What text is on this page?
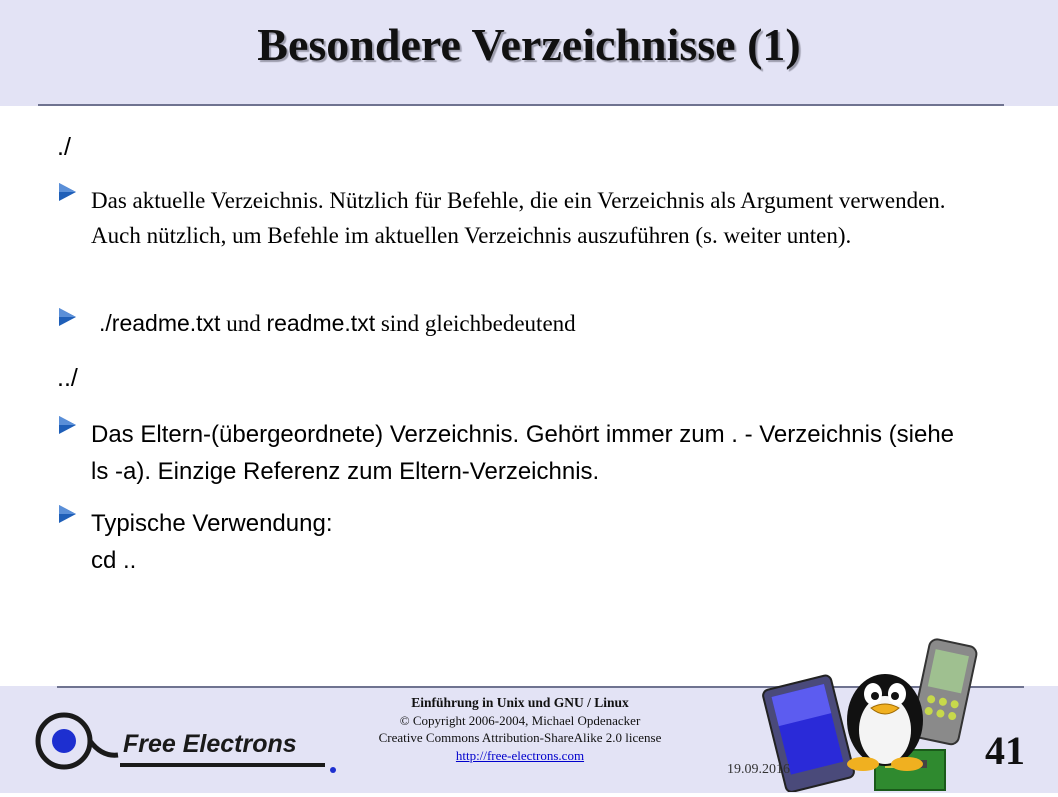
Besondere Verzeichnisse (1)
./
Das aktuelle Verzeichnis. Nützlich für Befehle, die ein Verzeichnis als Argument verwenden. Auch nützlich, um Befehle im aktuellen Verzeichnis auszuführen (s. weiter unten).
./readme.txt und readme.txt sind gleichbedeutend
../
Das Eltern-(übergeordnete) Verzeichnis. Gehört immer zum . - Verzeichnis (siehe ls -a). Einzige Referenz zum Eltern-Verzeichnis.
Typische Verwendung:
cd ..
Free Electrons
Einführung in Unix und GNU / Linux
© Copyright 2006-2004, Michael Opdenacker
Creative Commons Attribution-ShareAlike 2.0 license
http://free-electrons.com
19.09.2016	41
